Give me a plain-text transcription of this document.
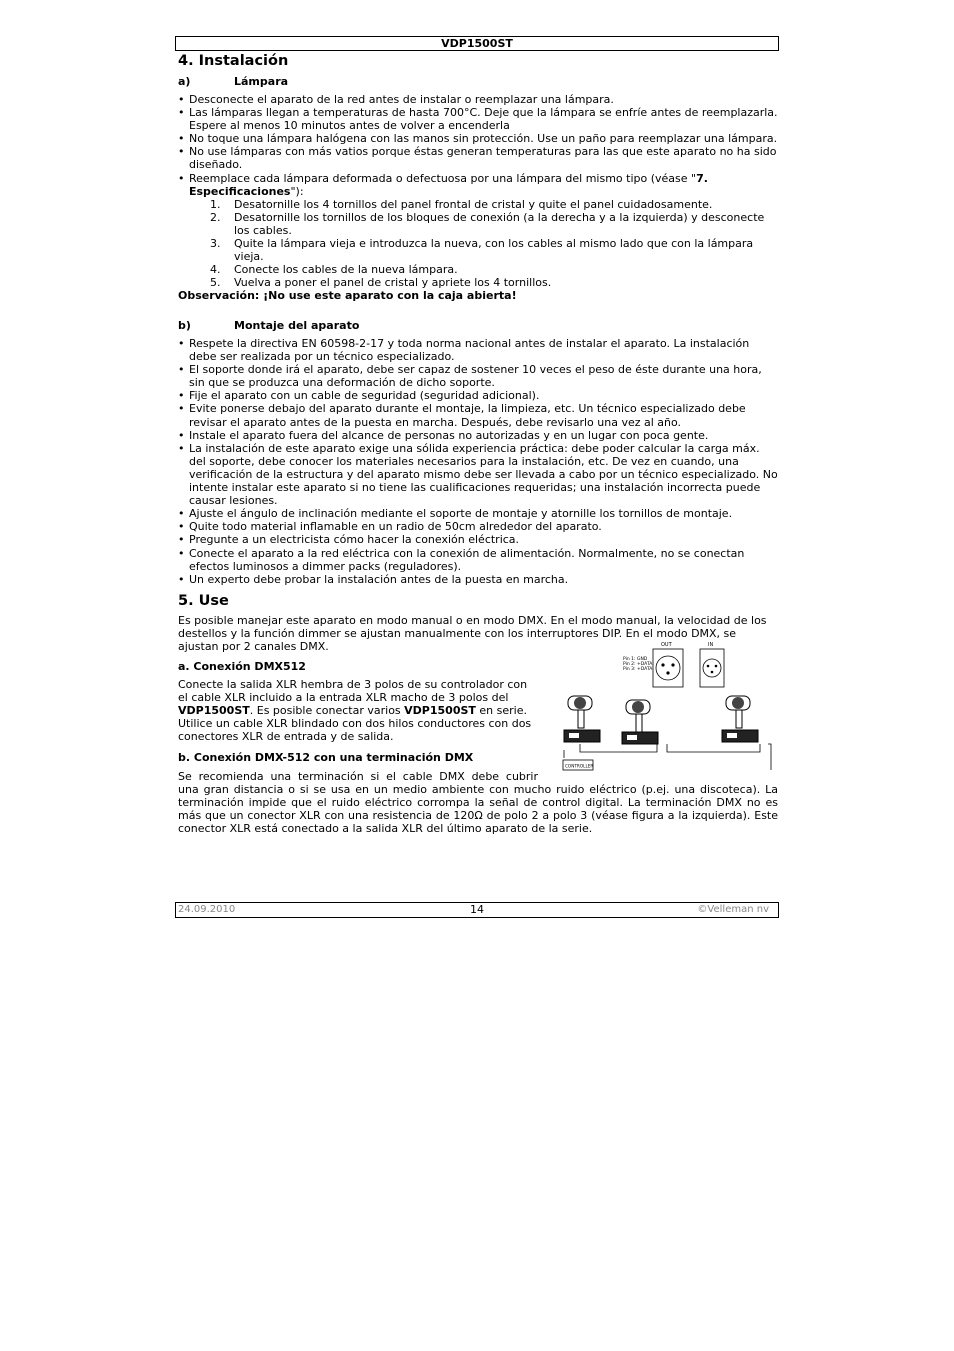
VDP1500ST
4. Instalación
a)	Lámpara
• Desconecte el aparato de la red antes de instalar o reemplazar una lámpara.
• Las lámparas llegan a temperaturas de hasta 700°C. Deje que la lámpara se enfríe antes de reemplazarla. Espere al menos 10 minutos antes de volver a encenderla
• No toque una lámpara halógena con las manos sin protección. Use un paño para reemplazar una lámpara.
• No use lámparas con más vatios porque éstas generan temperaturas para las que este aparato no ha sido diseñado.
• Reemplace cada lámpara deformada o defectuosa por una lámpara del mismo tipo (véase "7. Especificaciones"):
1. Desatornille los 4 tornillos del panel frontal de cristal y quite el panel cuidadosamente.
2. Desatornille los tornillos de los bloques de conexión (a la derecha y a la izquierda) y desconecte los cables.
3. Quite la lámpara vieja e introduzca la nueva, con los cables al mismo lado que con la lámpara vieja.
4. Conecte los cables de la nueva lámpara.
5. Vuelva a poner el panel de cristal y apriete los 4 tornillos.
Observación: ¡No use este aparato con la caja abierta!
b)	Montaje del aparato
• Respete la directiva EN 60598-2-17 y toda norma nacional antes de instalar el aparato. La instalación debe ser realizada por un técnico especializado.
• El soporte donde irá el aparato, debe ser capaz de sostener 10 veces el peso de éste durante una hora, sin que se produzca una deformación de dicho soporte.
• Fije el aparato con un cable de seguridad (seguridad adicional).
• Evite ponerse debajo del aparato durante el montaje, la limpieza, etc. Un técnico especializado debe revisar el aparato antes de la puesta en marcha. Después, debe revisarlo una vez al año.
• Instale el aparato fuera del alcance de personas no autorizadas y en un lugar con poca gente.
• La instalación de este aparato exige una sólida experiencia práctica: debe poder calcular la carga máx. del soporte, debe conocer los materiales necesarios para la instalación, etc. De vez en cuando, una verificación de la estructura y del aparato mismo debe ser llevada a cabo por un técnico especializado. No intente instalar este aparato si no tiene las cualificaciones requeridas; una instalación incorrecta puede causar lesiones.
• Ajuste el ángulo de inclinación mediante el soporte de montaje y atornille los tornillos de montaje.
• Quite todo material inflamable en un radio de 50cm alrededor del aparato.
• Pregunte a un electricista cómo hacer la conexión eléctrica.
• Conecte el aparato a la red eléctrica con la conexión de alimentación. Normalmente, no se conectan efectos luminosos a dimmer packs (reguladores).
• Un experto debe probar la instalación antes de la puesta en marcha.
5. Use
Es posible manejar este aparato en modo manual o en modo DMX. En el modo manual, la velocidad de los destellos y la función dimmer se ajustan manualmente con los interruptores DIP. En el modo DMX, se ajustan por 2 canales DMX.
a. Conexión DMX512
Conecte la salida XLR hembra de 3 polos de su controlador con el cable XLR incluido a la entrada XLR macho de 3 polos del VDP1500ST. Es posible conectar varios VDP1500ST en serie. Utilice un cable XLR blindado con dos hilos conductores con dos conectores XLR de entrada y de salida.
b. Conexión DMX-512 con una terminación DMX
Se recomienda una terminación si el cable DMX debe cubrir
una gran distancia o si se usa en un medio ambiente con mucho ruido eléctrico (p.ej. una discoteca). La terminación impide que el ruido eléctrico corrompa la señal de control digital. La terminación DMX no es más que un conector XLR con una resistencia de 120Ω de polo 2 a polo 3 (véase figura a la izquierda). Este conector XLR está conectado a la salida XLR del último aparato de la serie.
OUT
Pin 1: GND
Pin 2: +DATA
Pin 3: +DATA
IN
CONTROLLER
24.09.2010	14	©Velleman nv
